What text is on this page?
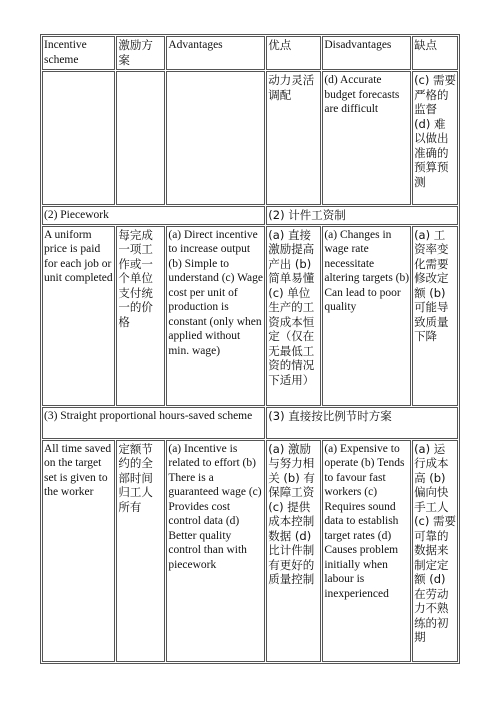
Incentive scheme	激励方案	Advantages	优点	Disadvantages	缺点
			动力灵活调配	(d) Accurate budget forecasts are difficult	(c) 需要严格的监督 (d) 难以做出准确的预算预测
(2) Piecework			(2) 计件工资制		
A uniform price is paid for each job or unit completed	每完成一项工作或一个单位支付统一的价格	(a) Direct incentive to increase output (b) Simple to understand (c) Wage cost per unit of production is constant (only when applied without min. wage)	(a) 直接激励提高产出 (b) 简单易懂 (c) 单位生产的工资成本恒定（仅在无最低工资的情况下适用）	(a) Changes in wage rate necessitate altering targets (b) Can lead to poor quality	(a) 工资率变化需要修改定额 (b) 可能导致质量下降
(3) Straight proportional hours-saved scheme			(3) 直接按比例节时方案		
All time saved on the target set is given to the worker	定额节约的全部时间归工人所有	(a) Incentive is related to effort (b) There is a guaranteed wage (c) Provides cost control data (d) Better quality control than with piecework	(a) 激励与努力相关 (b) 有保障工资 (c) 提供成本控制数据 (d) 比计件制有更好的质量控制	(a) Expensive to operate (b) Tends to favour fast workers (c) Requires sound data to establish target rates (d) Causes problem initially when labour is inexperienced	(a) 运行成本高 (b) 偏向快手工人 (c) 需要可靠的数据来制定定额 (d) 在劳动力不熟练的初期
